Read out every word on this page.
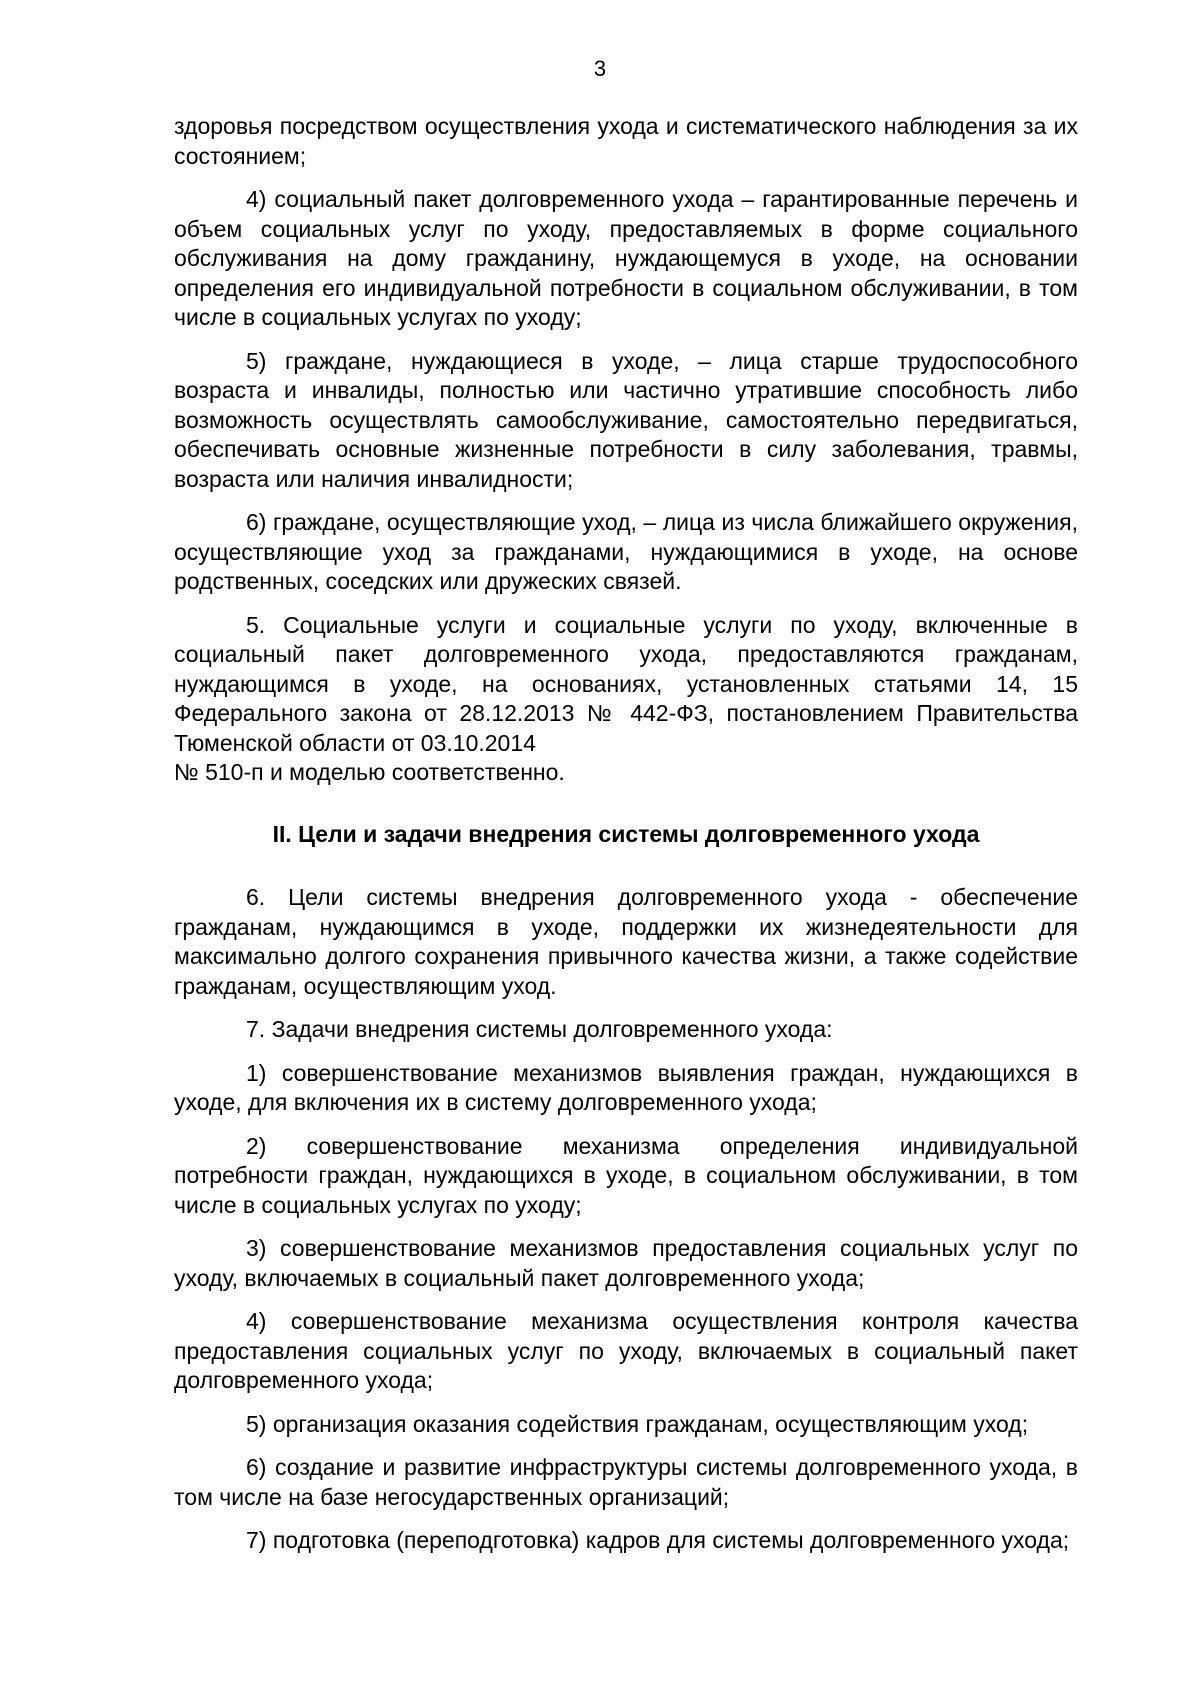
3

здоровья посредством осуществления ухода и систематического наблюдения за их состоянием;

4) социальный пакет долговременного ухода – гарантированные перечень и объем социальных услуг по уходу, предоставляемых в форме социального обслуживания на дому гражданину, нуждающемуся в уходе, на основании определения его индивидуальной потребности в социальном обслуживании, в том числе в социальных услугах по уходу;

5) граждане, нуждающиеся в уходе, – лица старше трудоспособного возраста и инвалиды, полностью или частично утратившие способность либо возможность осуществлять самообслуживание, самостоятельно передвигаться, обеспечивать основные жизненные потребности в силу заболевания, травмы, возраста или наличия инвалидности;

6) граждане, осуществляющие уход, – лица из числа ближайшего окружения, осуществляющие уход за гражданами, нуждающимися в уходе, на основе родственных, соседских или дружеских связей.

5. Социальные услуги и социальные услуги по уходу, включенные в социальный пакет долговременного ухода, предоставляются гражданам, нуждающимся в уходе, на основаниях, установленных статьями 14, 15 Федерального закона от 28.12.2013 № 442-ФЗ, постановлением Правительства Тюменской области от 03.10.2014

№ 510-п и моделью соответственно.

II. Цели и задачи внедрения системы долговременного ухода

6. Цели системы внедрения долговременного ухода - обеспечение гражданам, нуждающимся в уходе, поддержки их жизнедеятельности для максимально долгого сохранения привычного качества жизни, а также содействие гражданам, осуществляющим уход.

7. Задачи внедрения системы долговременного ухода:

1) совершенствование механизмов выявления граждан, нуждающихся в уходе, для включения их в систему долговременного ухода;

2) совершенствование механизма определения индивидуальной потребности граждан, нуждающихся в уходе, в социальном обслуживании, в том числе в социальных услугах по уходу;

3) совершенствование механизмов предоставления социальных услуг по уходу, включаемых в социальный пакет долговременного ухода;

4) совершенствование механизма осуществления контроля качества предоставления социальных услуг по уходу, включаемых в социальный пакет долговременного ухода;

5) организация оказания содействия гражданам, осуществляющим уход;

6) создание и развитие инфраструктуры системы долговременного ухода, в том числе на базе негосударственных организаций;

7) подготовка (переподготовка) кадров для системы долговременного ухода;
